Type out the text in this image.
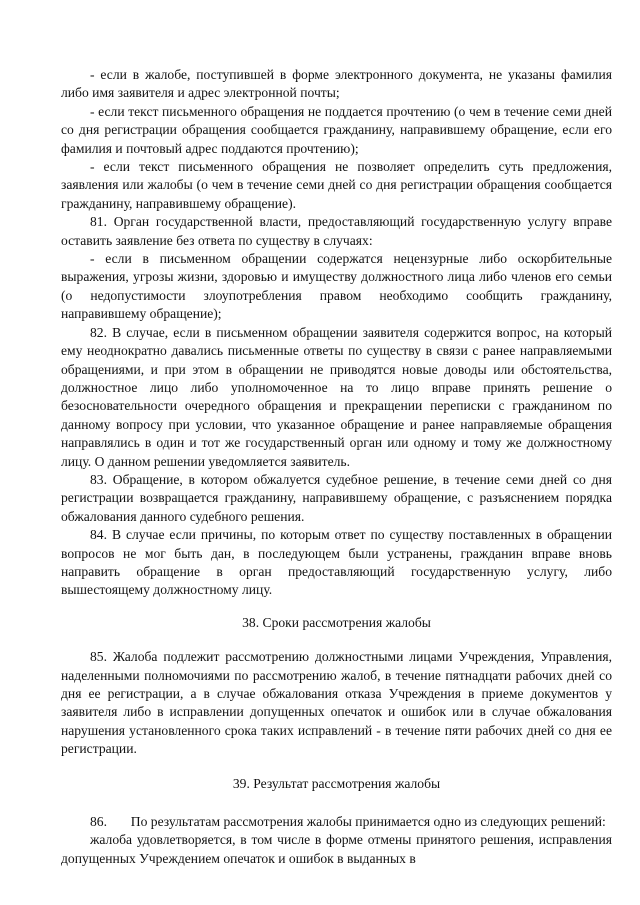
- если в жалобе, поступившей в форме электронного документа, не указаны фамилия либо имя заявителя и адрес электронной почты;

- если текст письменного обращения не поддается прочтению (о чем в течение семи дней со дня регистрации обращения сообщается гражданину, направившему обращение, если его фамилия и почтовый адрес поддаются прочтению);

- если текст письменного обращения не позволяет определить суть предложения, заявления или жалобы (о чем в течение семи дней со дня регистрации обращения сообщается гражданину, направившему обращение).

81. Орган государственной власти, предоставляющий государственную услугу вправе оставить заявление без ответа по существу в случаях:

- если в письменном обращении содержатся нецензурные либо оскорбительные выражения, угрозы жизни, здоровью и имуществу должностного лица либо членов его семьи (о недопустимости злоупотребления правом необходимо сообщить гражданину, направившему обращение);

82. В случае, если в письменном обращении заявителя содержится вопрос, на который ему неоднократно давались письменные ответы по существу в связи с ранее направляемыми обращениями, и при этом в обращении не приводятся новые доводы или обстоятельства, должностное лицо либо уполномоченное на то лицо вправе принять решение о безосновательности очередного обращения и прекращении переписки с гражданином по данному вопросу при условии, что указанное обращение и ранее направляемые обращения направлялись в один и тот же государственный орган или одному и тому же должностному лицу. О данном решении уведомляется заявитель.

83. Обращение, в котором обжалуется судебное решение, в течение семи дней со дня регистрации возвращается гражданину, направившему обращение, с разъяснением порядка обжалования данного судебного решения.

84. В случае если причины, по которым ответ по существу поставленных в обращении вопросов не мог быть дан, в последующем были устранены, гражданин вправе вновь направить обращение в орган предоставляющий государственную услугу, либо вышестоящему должностному лицу.

38. Сроки рассмотрения жалобы

85. Жалоба подлежит рассмотрению должностными лицами Учреждения, Управления, наделенными полномочиями по рассмотрению жалоб, в течение пятнадцати рабочих дней со дня ее регистрации, а в случае обжалования отказа Учреждения в приеме документов у заявителя либо в исправлении допущенных опечаток и ошибок или в случае обжалования нарушения установленного срока таких исправлений - в течение пяти рабочих дней со дня ее регистрации.

39. Результат рассмотрения жалобы

86.       По результатам рассмотрения жалобы принимается одно из следующих решений:

жалоба удовлетворяется, в том числе в форме отмены принятого решения, исправления допущенных Учреждением опечаток и ошибок в выданных в
